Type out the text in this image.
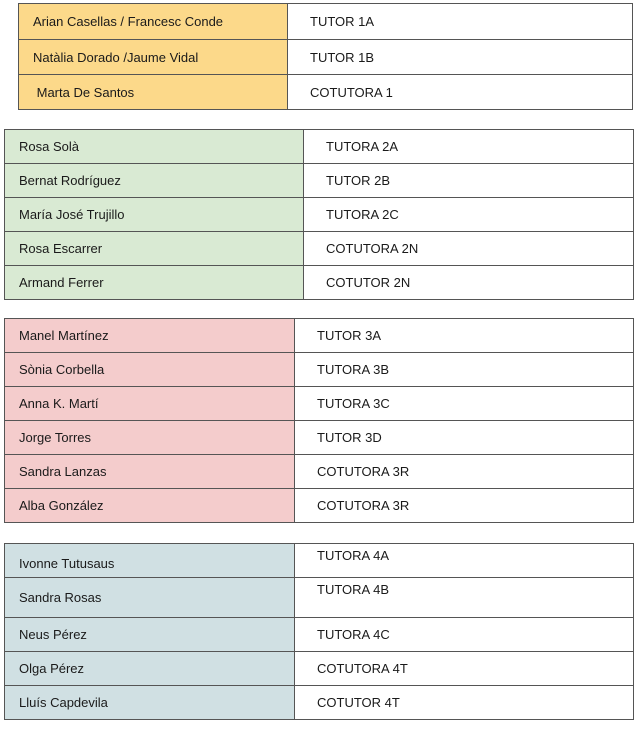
Arian Casellas / Francesc Conde	TUTOR 1A
Natàlia Dorado /Jaume Vidal	TUTOR 1B
Marta De Santos	COTUTORA 1
Rosa Solà	TUTORA 2A
Bernat Rodríguez	TUTOR 2B
María José Trujillo	TUTORA 2C
Rosa Escarrer	COTUTORA 2N
Armand Ferrer	COTUTOR 2N
Manel Martínez	TUTOR 3A
Sònia Corbella	TUTORA 3B
Anna K. Martí	TUTORA 3C
Jorge Torres	TUTOR 3D
Sandra Lanzas	COTUTORA 3R
Alba González	COTUTORA 3R
Ivonne Tutusaus	TUTORA 4A
Sandra Rosas	TUTORA 4B
Neus Pérez	TUTORA 4C
Olga Pérez	COTUTORA 4T
Lluís Capdevila	COTUTOR 4T
